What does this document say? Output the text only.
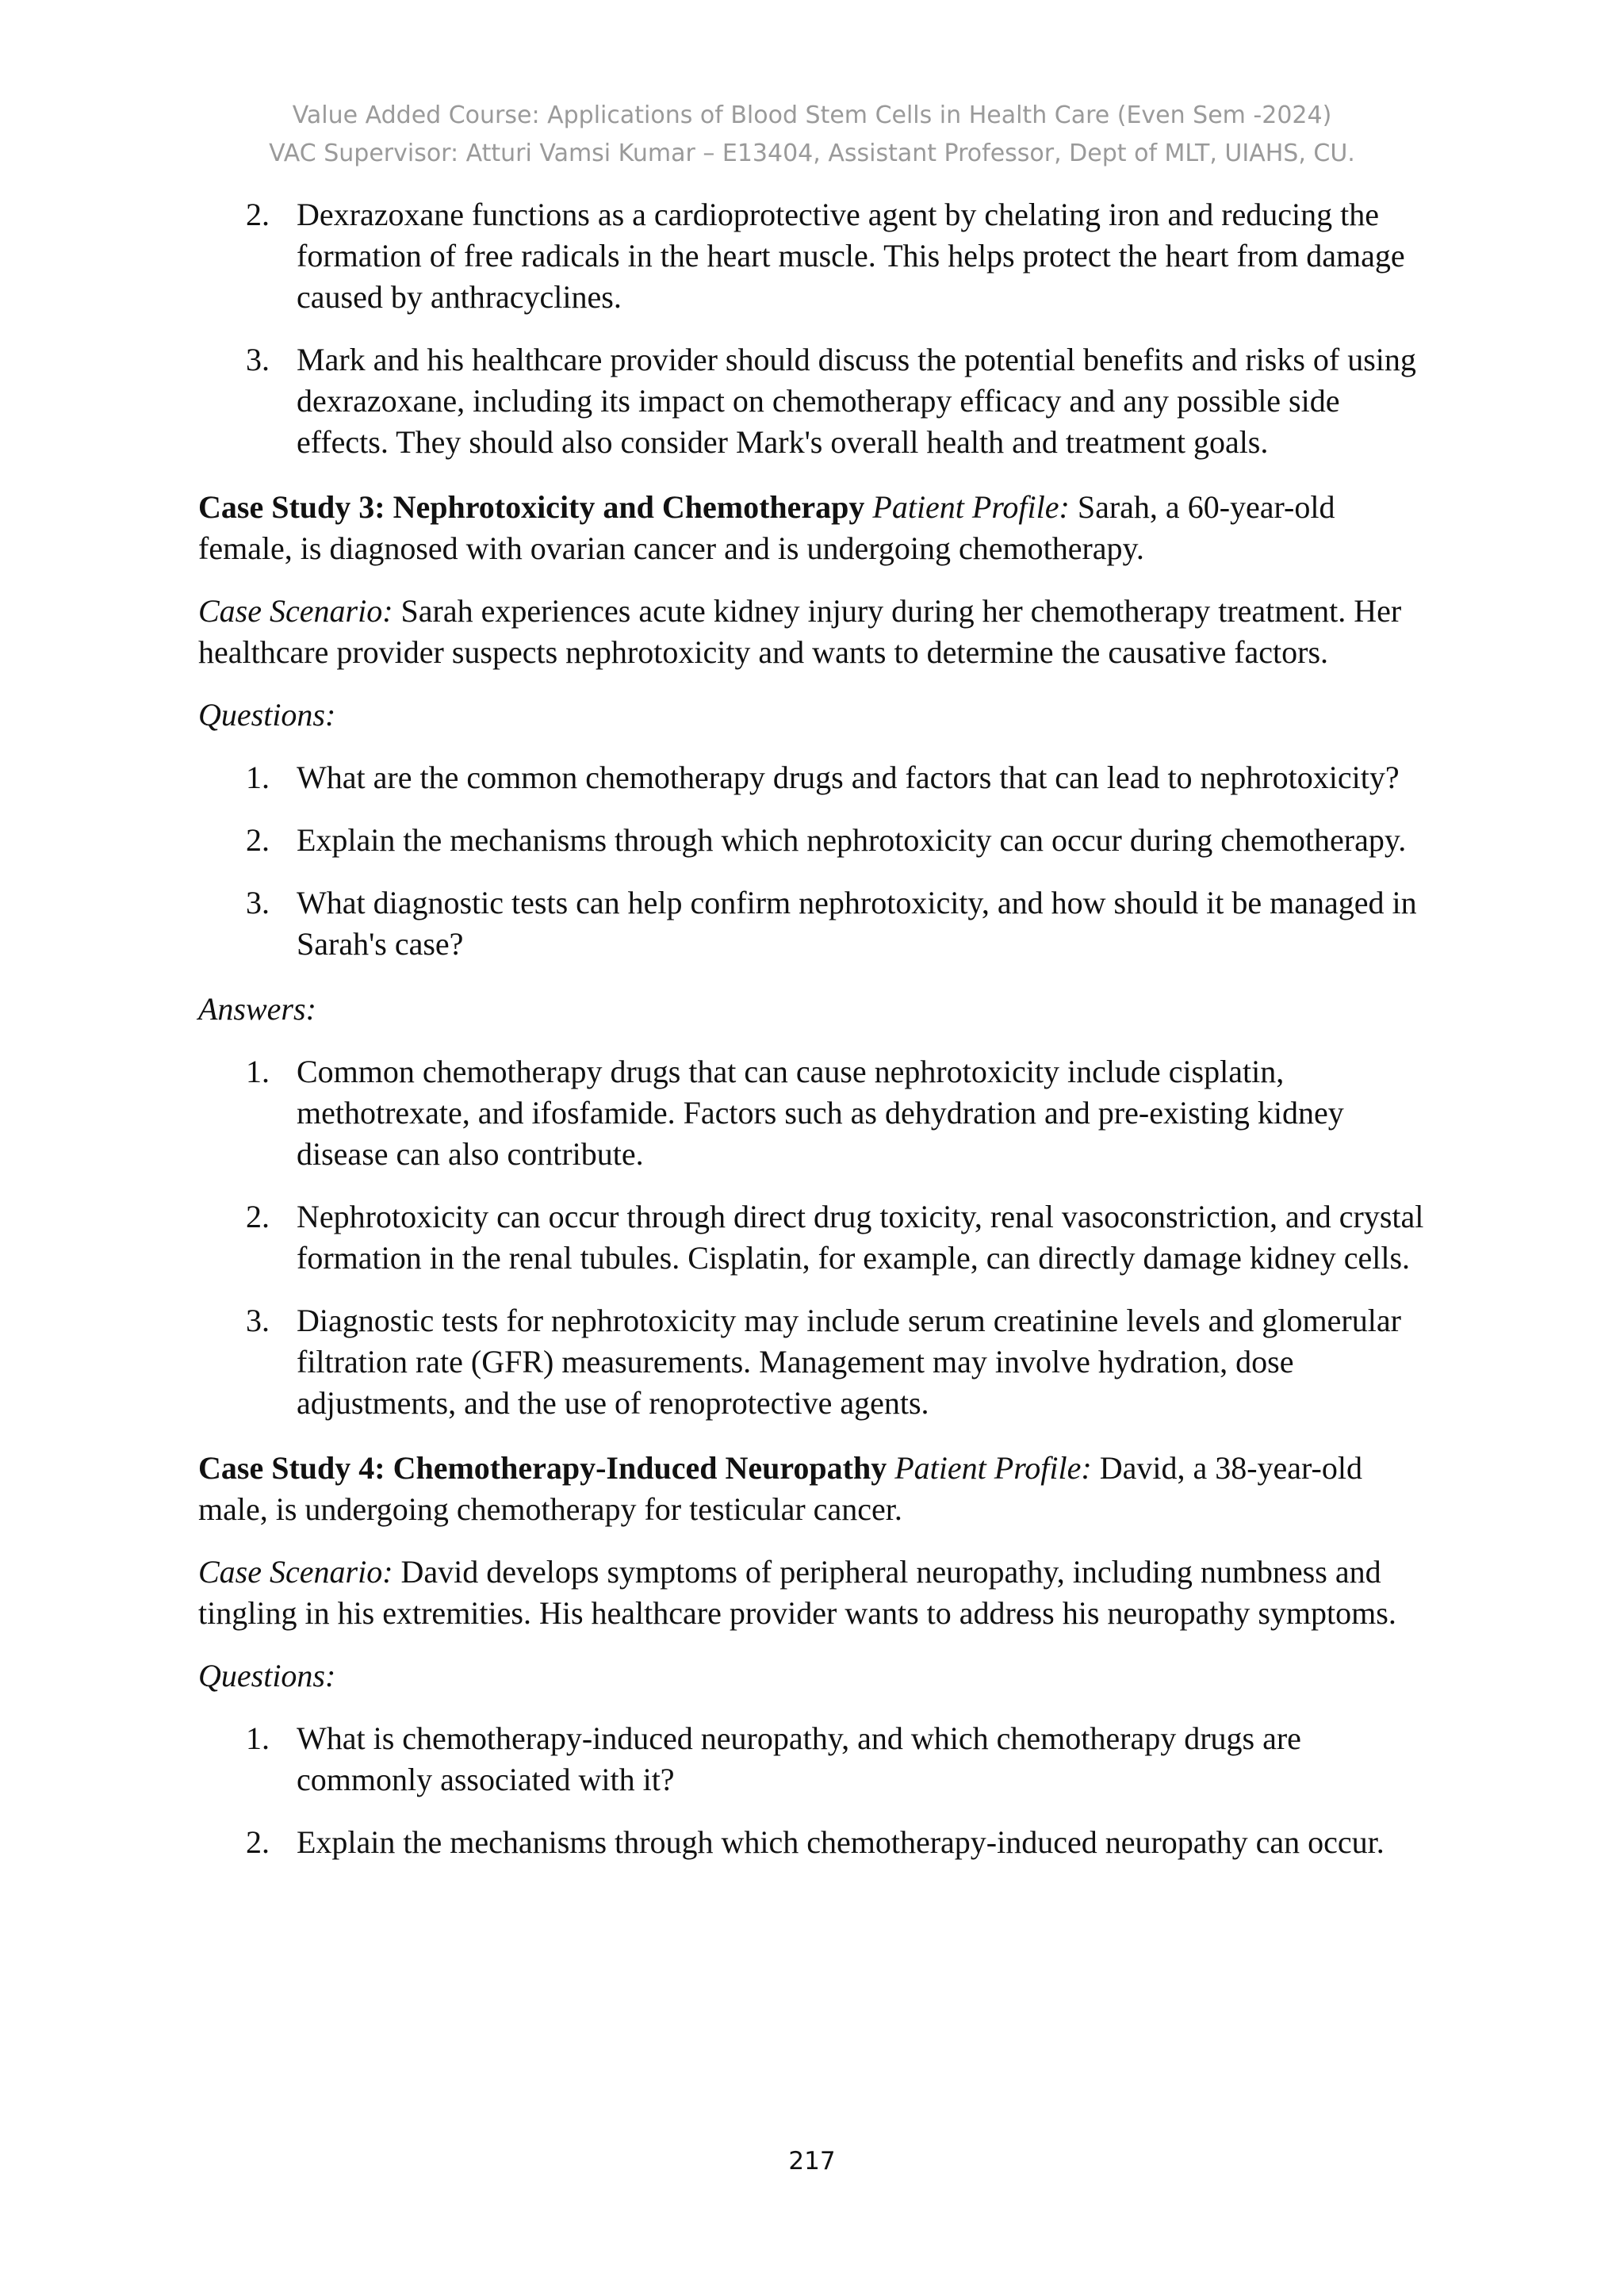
Value Added Course: Applications of Blood Stem Cells in Health Care (Even Sem -2024)
VAC Supervisor: Atturi Vamsi Kumar – E13404, Assistant Professor, Dept of MLT, UIAHS, CU.
2. Dexrazoxane functions as a cardioprotective agent by chelating iron and reducing the formation of free radicals in the heart muscle. This helps protect the heart from damage caused by anthracyclines.
3. Mark and his healthcare provider should discuss the potential benefits and risks of using dexrazoxane, including its impact on chemotherapy efficacy and any possible side effects. They should also consider Mark's overall health and treatment goals.

Case Study 3: Nephrotoxicity and Chemotherapy Patient Profile: Sarah, a 60-year-old female, is diagnosed with ovarian cancer and is undergoing chemotherapy.

Case Scenario: Sarah experiences acute kidney injury during her chemotherapy treatment. Her healthcare provider suspects nephrotoxicity and wants to determine the causative factors.

Questions:

1. What are the common chemotherapy drugs and factors that can lead to nephrotoxicity?
2. Explain the mechanisms through which nephrotoxicity can occur during chemotherapy.
3. What diagnostic tests can help confirm nephrotoxicity, and how should it be managed in Sarah's case?

Answers:

1. Common chemotherapy drugs that can cause nephrotoxicity include cisplatin, methotrexate, and ifosfamide. Factors such as dehydration and pre-existing kidney disease can also contribute.
2. Nephrotoxicity can occur through direct drug toxicity, renal vasoconstriction, and crystal formation in the renal tubules. Cisplatin, for example, can directly damage kidney cells.
3. Diagnostic tests for nephrotoxicity may include serum creatinine levels and glomerular filtration rate (GFR) measurements. Management may involve hydration, dose adjustments, and the use of renoprotective agents.

Case Study 4: Chemotherapy-Induced Neuropathy Patient Profile: David, a 38-year-old male, is undergoing chemotherapy for testicular cancer.

Case Scenario: David develops symptoms of peripheral neuropathy, including numbness and tingling in his extremities. His healthcare provider wants to address his neuropathy symptoms.

Questions:

1. What is chemotherapy-induced neuropathy, and which chemotherapy drugs are commonly associated with it?
2. Explain the mechanisms through which chemotherapy-induced neuropathy can occur.
217
